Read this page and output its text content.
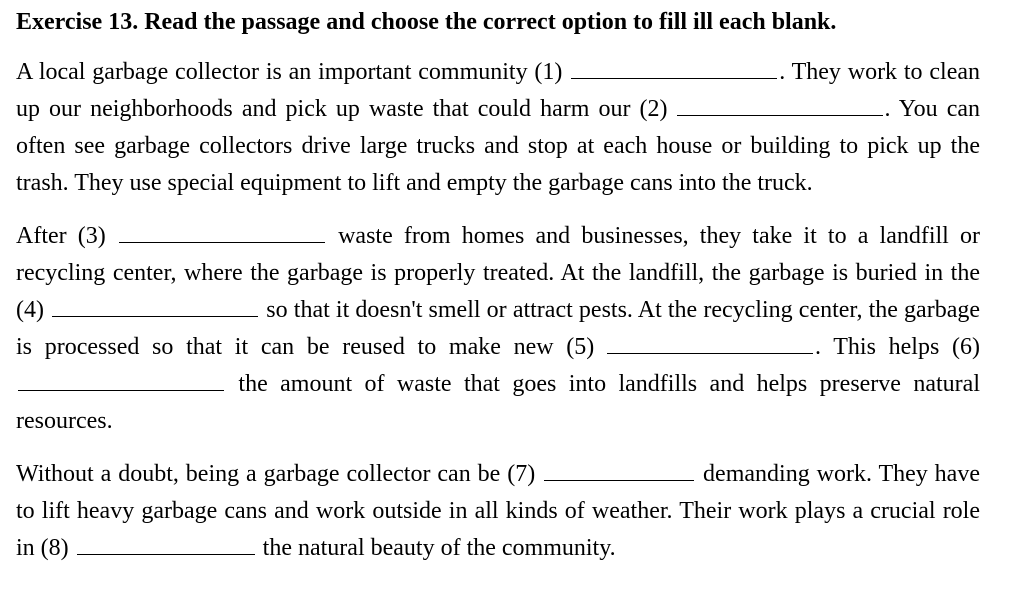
Exercise 13. Read the passage and choose the correct option to fill ill each blank.

A local garbage collector is an important community (1)	. They work to clean up our neighborhoods and pick up waste that could harm our (2)	. You can often see garbage collectors drive large trucks and stop at each house or building to pick up the trash. They use special equipment to lift and empty the garbage cans into the truck.

After (3)	waste from homes and businesses, they take it to a landfill or recycling center, where the garbage is properly treated. At the landfill, the garbage is buried in the (4)	so that it doesn't smell or attract pests. At the recycling center, the garbage is processed so that it can be reused to make new (5)	. This helps (6)  the amount of waste that goes into landfills and helps preserve natural resources.

Without a doubt, being a garbage collector can be (7)	demanding work. They have to lift heavy garbage cans and work outside in all kinds of weather. Their work plays a crucial role in (8)	the natural beauty of the community.
